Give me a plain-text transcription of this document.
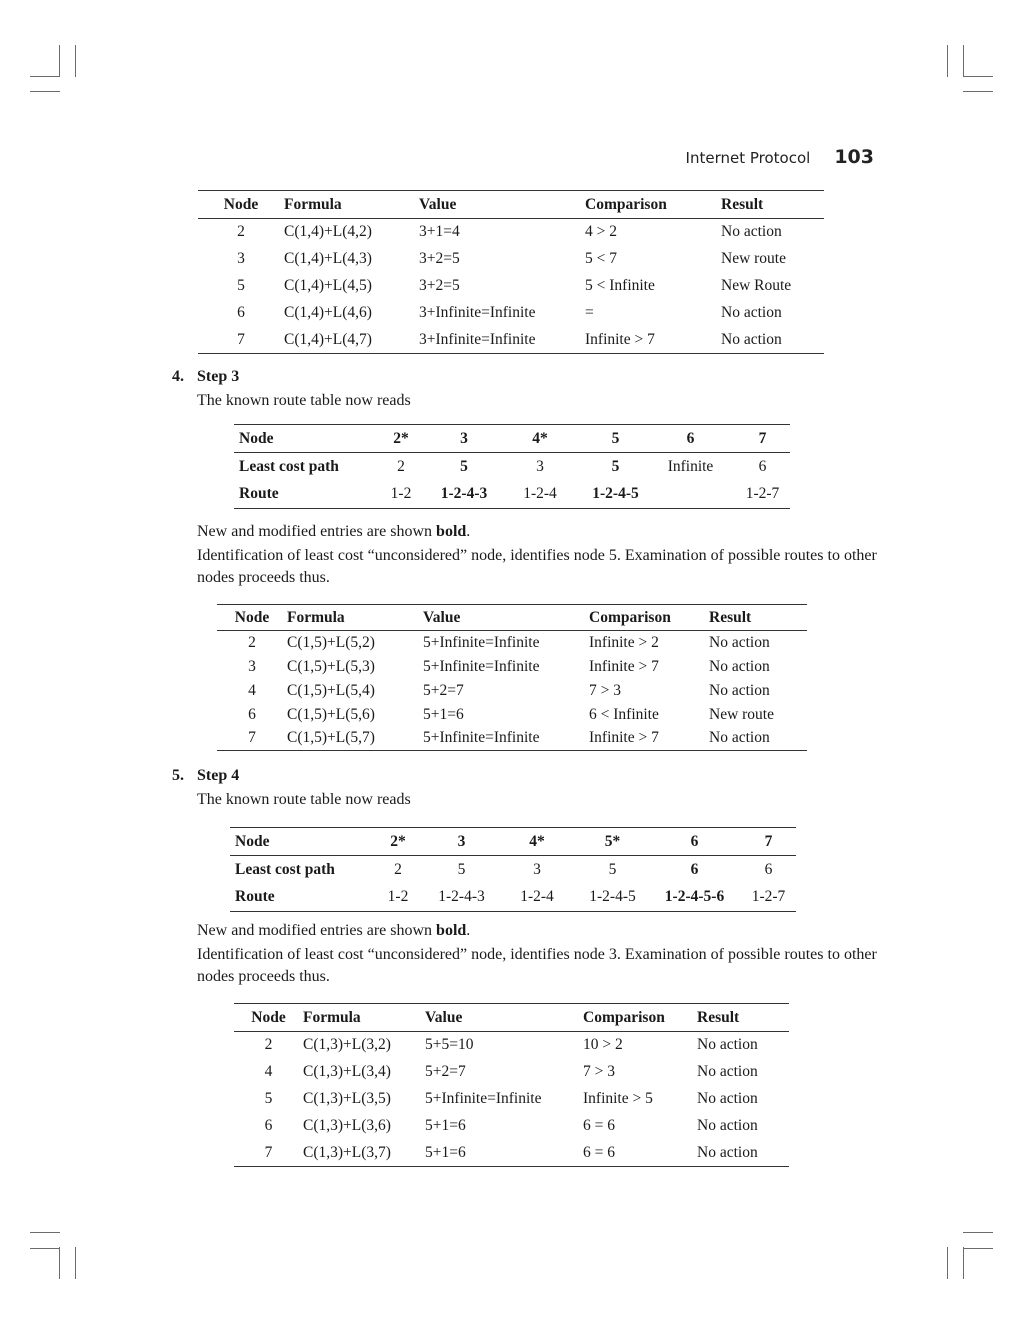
Internet Protocol 103
Node	Formula	Value	Comparison	Result
2	C(1,4)+L(4,2)	3+1=4	4 > 2	No action
3	C(1,4)+L(4,3)	3+2=5	5 < 7	New route
5	C(1,4)+L(4,5)	3+2=5	5 < Infinite	New Route
6	C(1,4)+L(4,6)	3+Infinite=Infinite	=	No action
7	C(1,4)+L(4,7)	3+Infinite=Infinite	Infinite > 7	No action
4. Step 3
The known route table now reads
Node	2*	3	4*	5	6	7
Least cost path	2	5	3	5	Infinite	6
Route	1-2	1-2-4-3	1-2-4	1-2-4-5		1-2-7

New and modified entries are shown bold.

Identification of least cost “unconsidered” node, identifies node 5. Examination of possible routes to other nodes proceeds thus.

Node	Formula	Value	Comparison	Result
2	C(1,5)+L(5,2)	5+Infinite=Infinite	Infinite > 2	No action
3	C(1,5)+L(5,3)	5+Infinite=Infinite	Infinite > 7	No action
4	C(1,5)+L(5,4)	5+2=7	7 > 3	No action
6	C(1,5)+L(5,6)	5+1=6	6 < Infinite	New route
7	C(1,5)+L(5,7)	5+Infinite=Infinite	Infinite > 7	No action
5. Step 4
The known route table now reads
Node	2*	3	4*	5*	6	7
Least cost path	2	5	3	5	6	6
Route	1-2	1-2-4-3	1-2-4	1-2-4-5	1-2-4-5-6	1-2-7

New and modified entries are shown bold.

Identification of least cost “unconsidered” node, identifies node 3. Examination of possible routes to other nodes proceeds thus.

Node	Formula	Value	Comparison	Result
2	C(1,3)+L(3,2)	5+5=10	10 > 2	No action
4	C(1,3)+L(3,4)	5+2=7	7 > 3	No action
5	C(1,3)+L(3,5)	5+Infinite=Infinite	Infinite > 5	No action
6	C(1,3)+L(3,6)	5+1=6	6 = 6	No action
7	C(1,3)+L(3,7)	5+1=6	6 = 6	No action
